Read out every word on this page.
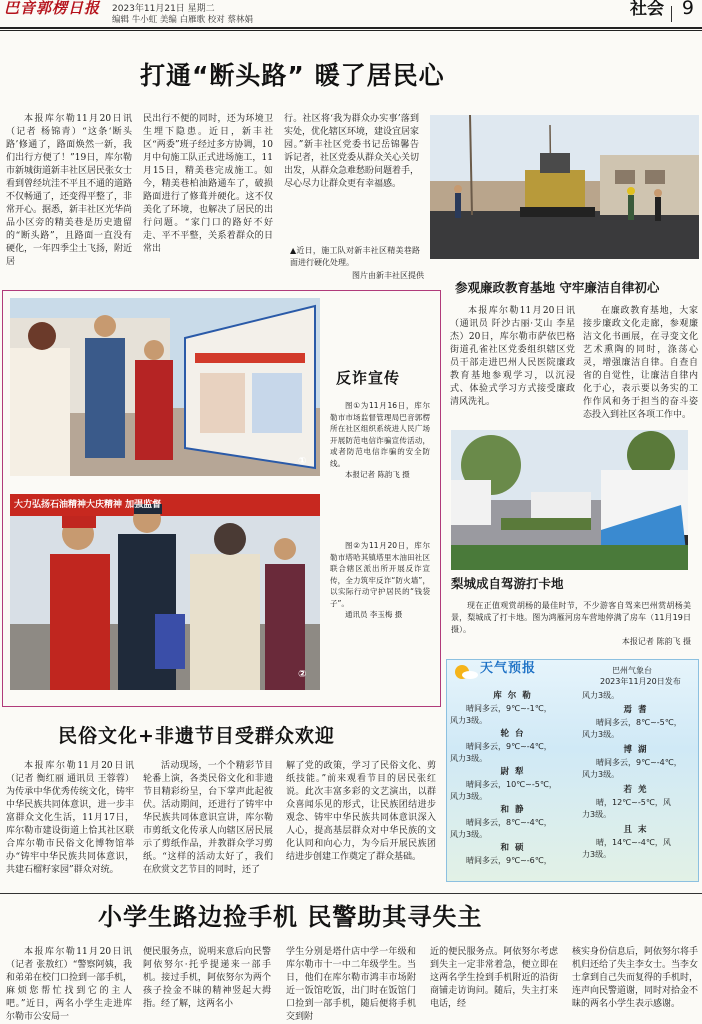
巴音郭楞日报	2023年11月21日 星期二
编辑 牛小虹 美编 白雁歌 校对 蔡林娟
社会 9
打通“断头路” 暖了居民心

本报库尔勒11月20日讯（记者 杨锦青）“这条‘断头路’修通了，路面焕然一新，我们出行方便了！”19日，库尔勒市新城街道新丰社区居民张女士看到曾经坑洼不平且不通的道路不仅畅通了，还变得平整了，非常开心。据悉，新丰社区光华尚品小区旁的精美巷是历史遗留的“断头路”，且路面一直没有硬化，一年四季尘土飞扬，附近居

民出行不便的同时，还为环境卫生埋下隐患。近日，新丰社区“两委”班子经过多方协调，10月中旬施工队正式进场施工，11月15日，精美巷完成施工。如今，精美巷柏油路通车了，破损路面进行了修葺并硬化。这不仅美化了环境，也解决了居民的出行问题。“家门口的路好不好走、平不平整，关系着群众的日常出

行。社区将‘我为群众办实事’落到实处，优化辖区环境，建设宜居家园。”新丰社区党委书记岳锦馨告诉记者，社区党委从群众关心关切出发，从群众急难愁盼问题着手，尽心尽力让群众更有幸福感。

▲近日，施工队对新丰社区精美巷路面进行硬化处理。
图片由新丰社区提供
①
大力弘扬石油精神大庆精神 加强监督
②
反诈宣传

图①为11月16日，库尔勒市市场监督管理局巴音郭楞所在社区组织系统进人民广场开展防范电信诈骗宣传活动，或者防范电信诈骗的安全防线。

本报记者 陈韵飞 摄

图②为11月20日，库尔勒市塔哈其镇塔里木油田社区联合辖区派出所开展反诈宣传，全力筑牢反诈“防火墙”，以实际行动守护居民的“钱袋子”。

通讯员 李玉梅 摄

参观廉政教育基地 守牢廉洁自律初心

本报库尔勒11月20日讯（通讯员 阡沙古丽·艾山 李星杰）20日，库尔勒市萨依巴格街道孔雀社区党委组织辖区党员干部走进巴州人民医院廉政教育基地参观学习，以沉浸式、体验式学习方式接受廉政清风洗礼。

在廉政教育基地，大家接步廉政文化走廊，参观廉洁文化书画展，在寻变文化艺术熏陶的同时，涤荡心灵，增强廉洁自律。自查自省的自觉性，让廉洁自律内化于心，表示要以务实的工作作风和务于担当的奋斗姿态投入到社区各项工作中。

梨城成自驾游打卡地

现在正值观赏胡杨的最佳时节，不少游客自驾来巴州赏胡杨美景，梨城成了打卡地。图为鸿雁河房车营地停满了房车（11月19日摄）。

本报记者 陈韵飞 摄

民俗文化+非遗节目受群众欢迎

本报库尔勒11月20日讯（记者 衡红丽 通讯员 王蓉蓉）为传承中华优秀传统文化，铸牢中华民族共同体意识，进一步丰富群众文化生活，11月17日，库尔勒市建设街道上恰其社区联合库尔勒市民俗文化博物馆举办“铸牢中华民族共同体意识，共建石榴籽家园”群众对统。

活动现场，一个个精彩节目轮番上演，各类民俗文化和非遗节目精彩纷呈，台下掌声此起彼伏。活动期间，还进行了铸牢中华民族共同体意识宣讲，库尔勒市剪纸文化传承人向辖区居民展示了剪纸作品，并教群众学习剪纸。“这样的活动太好了，我们在欣赏文艺节目的同时，还了

解了党的政策，学习了民俗文化、剪纸技能。”前来观看节目的居民张红说。此次丰富多彩的文艺演出，以群众喜闻乐见的形式，让民族团结进步观念、铸牢中华民族共同体意识深入人心，提高基层群众对中华民族的文化认同和向心力，为今后开展民族团结进步创建工作奠定了群众基础。

天气预报	巴州气象台
2023年11月20日发布
库尔勒
晴间多云，9℃~-1℃，
风力3级。
轮台
晴间多云，9℃~-4℃，
风力3级。
尉犁
晴间多云，10℃~-5℃，
风力3级。
和静
晴间多云，8℃~-4℃，
风力3级。
和硕
晴间多云，9℃~-6℃，
风力3级。
焉耆
晴间多云，8℃~-5℃，
风力3级。
博湖
晴间多云，9℃~-4℃，
风力3级。
若羌
晴，12℃~-5℃，风
力3级。
且末
晴，14℃~-4℃，风
力3级。
小学生路边捡手机 民警助其寻失主

本报库尔勒11月20日讯（记者 张敖红）“警察阿姨，我和弟弟在校门口捡到一部手机，麻烦您帮忙找到它的主人吧。”近日，两名小学生走进库尔勒市公安局一

便民服务点，说明来意后向民警阿依努尔·托乎提递来一部手机。接过手机，阿依努尔为两个孩子捡金不昧的精神竖起大拇指。经了解，这两名小

学生分别是塔什店中学一年级和库尔勒市十一中二年级学生。当日，他们在库尔勒市鸿丰市场附近一饭馆吃饭，出门时在饭馆门口捡到一部手机，随后便将手机交到附

近的便民服务点。阿依努尔考虑到失主一定非常着急，便立即在这两名学生捡到手机附近的沿街商铺走访询问。随后，失主打来电话，经

核实身份信息后，阿依努尔将手机归还给了失主李女士。当李女士拿到自己失而复得的手机时，连声向民警道谢，同时对拾金不昧的两名小学生表示感谢。
